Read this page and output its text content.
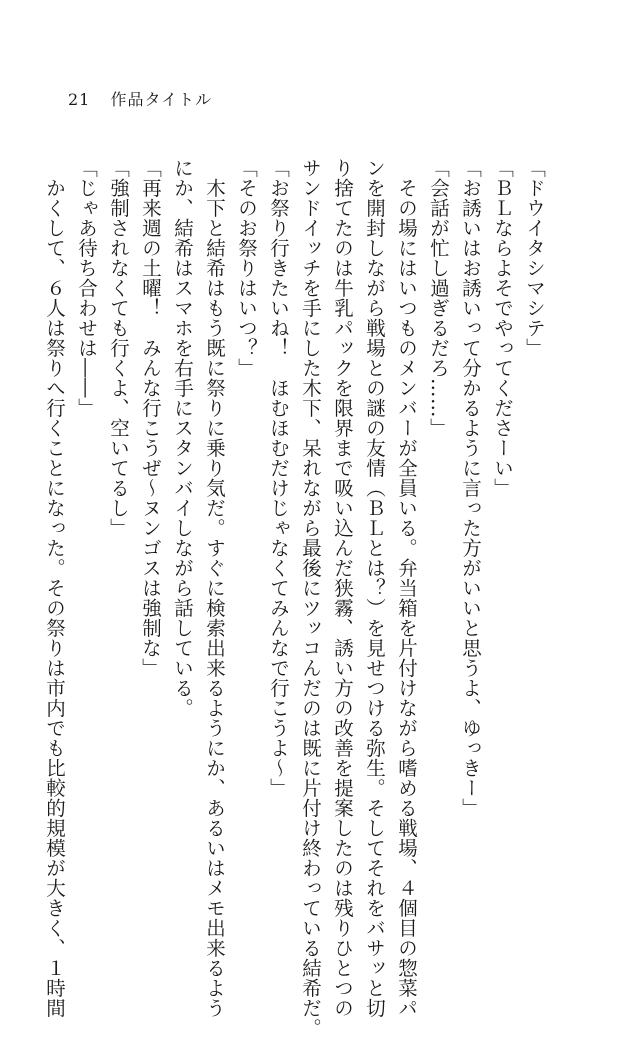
21 作品タイトル

「ドウイタシマシテ」

「ＢＬならよそでやってくださーい」

「お誘いはお誘いって分かるように言った方がいいと思うよ、ゆっきー」

「会話が忙し過ぎるだろ……」

　その場にはいつものメンバーが全員いる。弁当箱を片付けながら嗜める戦場、４個目の惣菜パ

ンを開封しながら戦場との謎の友情（ＢＬとは？）を見せつける弥生。そしてそれをバサッと切

り捨てたのは牛乳パックを限界まで吸い込んだ狭霧、誘い方の改善を提案したのは残りひとつの

サンドイッチを手にした木下、呆れながら最後にツッコんだのは既に片付け終わっている結希だ。

「お祭り行きたいね！　ほむほむだけじゃなくてみんなで行こうよ～」

「そのお祭りはいつ？」

　木下と結希はもう既に祭りに乗り気だ。すぐに検索出来るようにか、あるいはメモ出来るよう

にか、結希はスマホを右手にスタンバイしながら話している。

「再来週の土曜！　みんな行こうぜ～ヌンゴスは強制な」

「強制されなくても行くよ、空いてるし」

「じゃあ待ち合わせは――」

　かくして、６人は祭りへ行くことになった。その祭りは市内でも比較的規模が大きく、１時間
